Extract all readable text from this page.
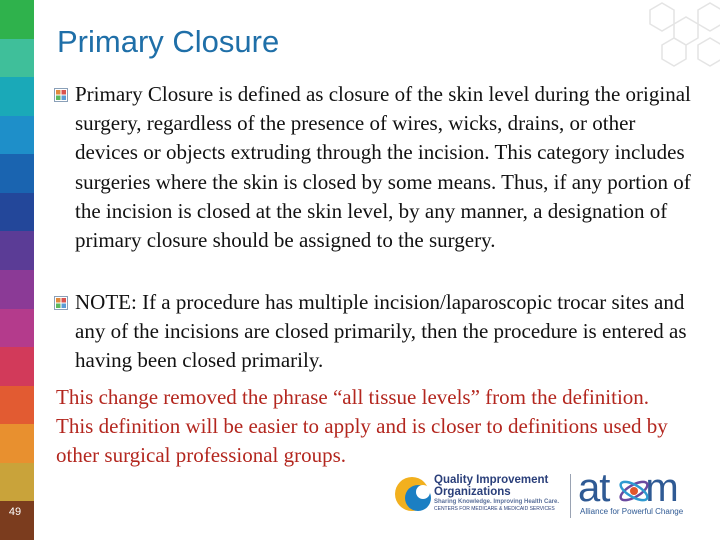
Primary Closure
Primary Closure is defined as closure of the skin level during the original surgery, regardless of the presence of wires, wicks, drains, or other devices or objects extruding through the incision. This category includes surgeries where the skin is closed by some means. Thus, if any portion of the incision is closed at the skin level, by any manner, a designation of primary closure should be assigned to the surgery.
NOTE: If a procedure has multiple incision/laparoscopic trocar sites and any of the incisions are closed primarily, then the procedure is entered as having been closed primarily.
This change removed the phrase “all tissue levels” from the definition. This definition will be easier to apply and is closer to definitions used by other surgical professional groups.
49
Quality Improvement
Organizations
Sharing Knowledge. Improving Health Care.
CENTERS FOR MEDICARE & MEDICAID SERVICES at m
Alliance for Powerful Change
